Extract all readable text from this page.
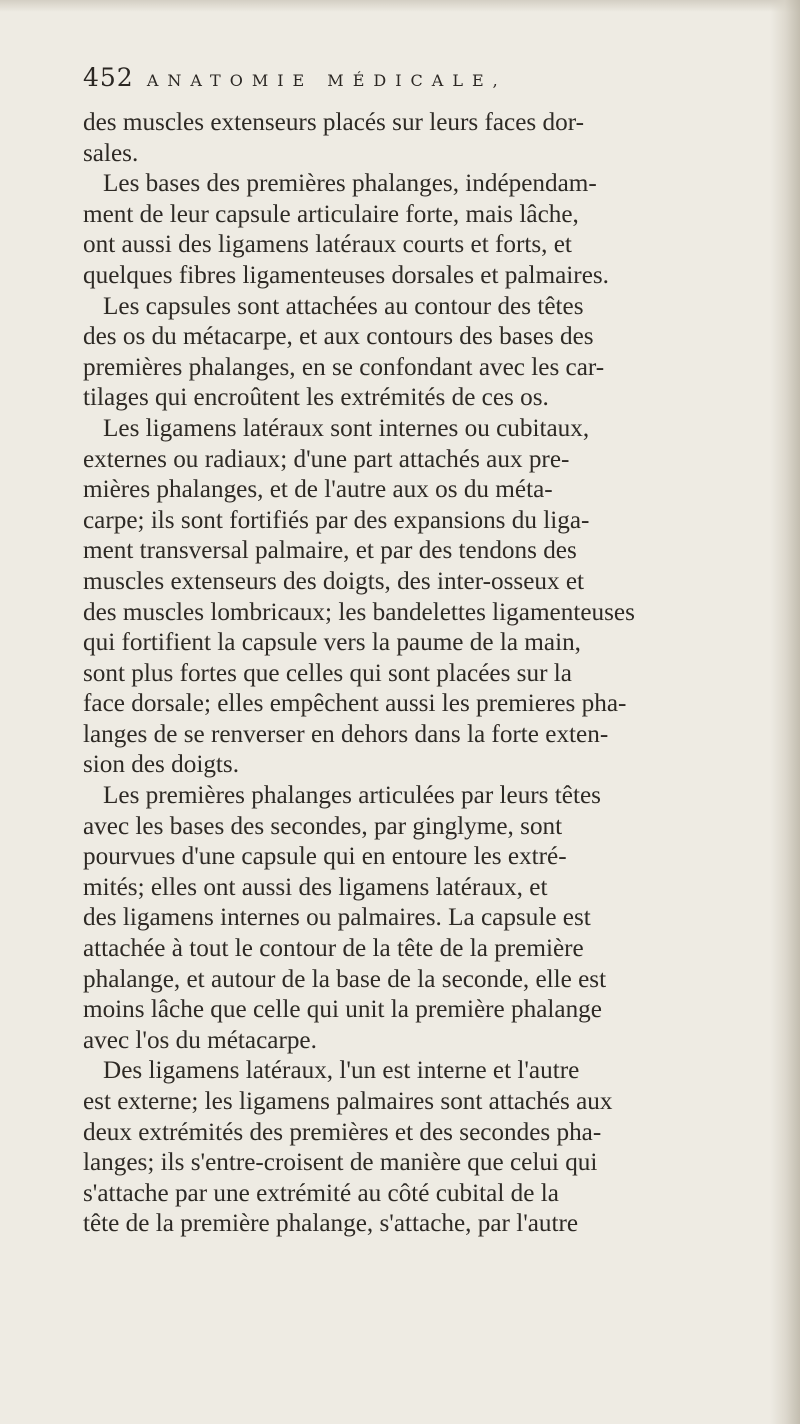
452 ANATOMIE MÉDICALE,
des muscles extenseurs placés sur leurs faces dor-
sales.
Les bases des premières phalanges, indépendam-
ment de leur capsule articulaire forte, mais lâche,
ont aussi des ligamens latéraux courts et forts, et
quelques fibres ligamenteuses dorsales et palmaires.
Les capsules sont attachées au contour des têtes
des os du métacarpe, et aux contours des bases des
premières phalanges, en se confondant avec les car-
tilages qui encroûtent les extrémités de ces os.
Les ligamens latéraux sont internes ou cubitaux,
externes ou radiaux; d'une part attachés aux pre-
mières phalanges, et de l'autre aux os du méta-
carpe; ils sont fortifiés par des expansions du liga-
ment transversal palmaire, et par des tendons des
muscles extenseurs des doigts, des inter-osseux et
des muscles lombricaux; les bandelettes ligamenteuses
qui fortifient la capsule vers la paume de la main,
sont plus fortes que celles qui sont placées sur la
face dorsale; elles empêchent aussi les premieres pha-
langes de se renverser en dehors dans la forte exten-
sion des doigts.
Les premières phalanges articulées par leurs têtes
avec les bases des secondes, par ginglyme, sont
pourvues d'une capsule qui en entoure les extré-
mités; elles ont aussi des ligamens latéraux, et
des ligamens internes ou palmaires. La capsule est
attachée à tout le contour de la tête de la première
phalange, et autour de la base de la seconde, elle est
moins lâche que celle qui unit la première phalange
avec l'os du métacarpe.
Des ligamens latéraux, l'un est interne et l'autre
est externe; les ligamens palmaires sont attachés aux
deux extrémités des premières et des secondes pha-
langes; ils s'entre-croisent de manière que celui qui
s'attache par une extrémité au côté cubital de la
tête de la première phalange, s'attache, par l'autre
